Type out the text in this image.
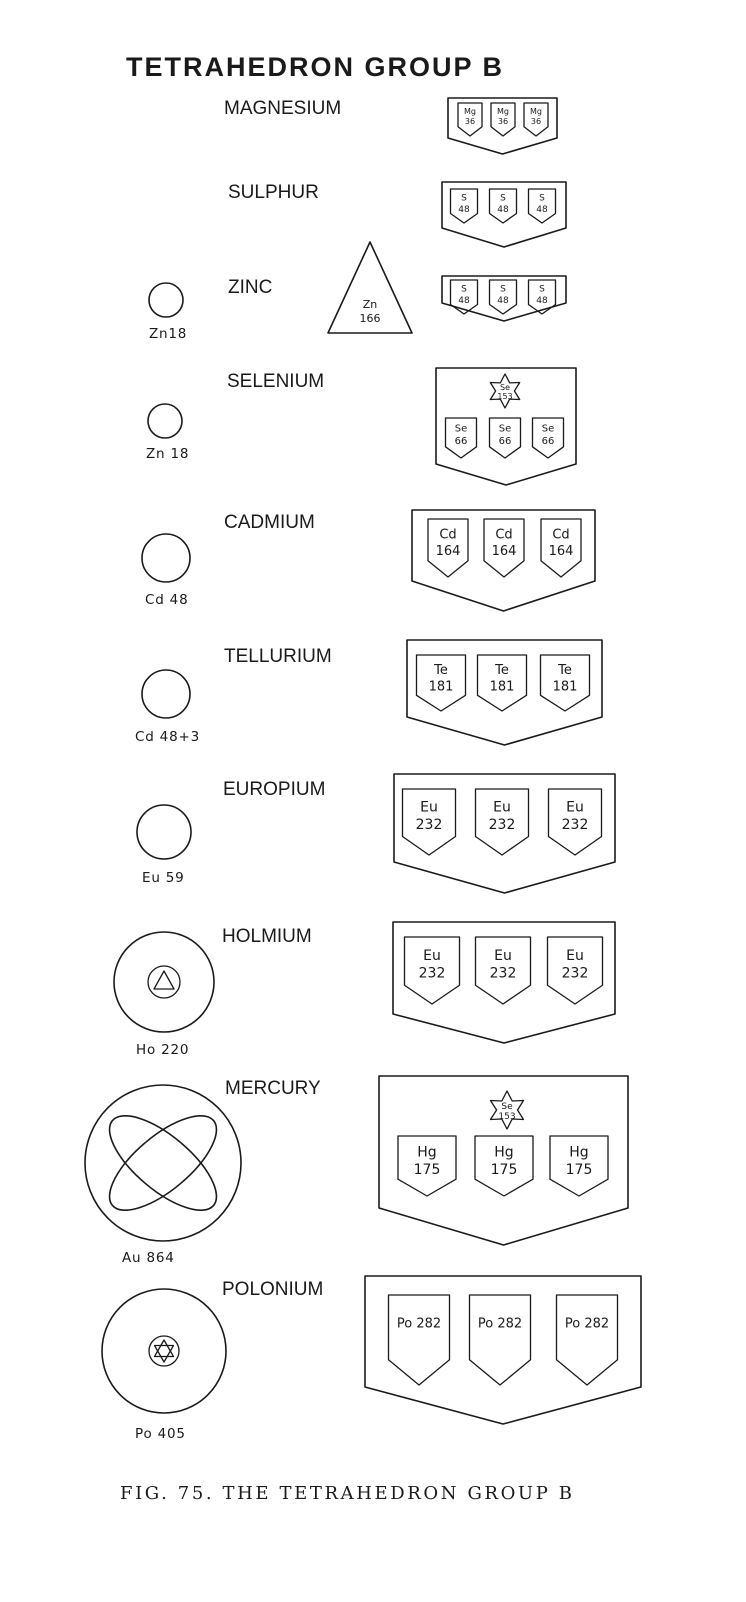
TETRAHEDRON GROUP B
MAGNESIUM
SULPHUR
ZINC
SELENIUM
CADMIUM
TELLURIUM
EUROPIUM
HOLMIUM
MERCURY
POLONIUM
Zn18
Zn 18
Cd 48
Cd 48+3
Eu 59
Ho 220
Au 864
Po 405
Zn
166
Mg
36
Mg
36
Mg
36
S
48
S
48
S
48
S
48
S
48
S
48
Se
153
Se
66
Se
66
Se
66
Cd
164
Cd
164
Cd
164
Te
181
Te
181
Te
181
Eu
232
Eu
232
Eu
232
Eu
232
Eu
232
Eu
232
Se
153
Hg
175
Hg
175
Hg
175
Po 282	Po 282	Po 282
FIG. 75. THE TETRAHEDRON GROUP B
